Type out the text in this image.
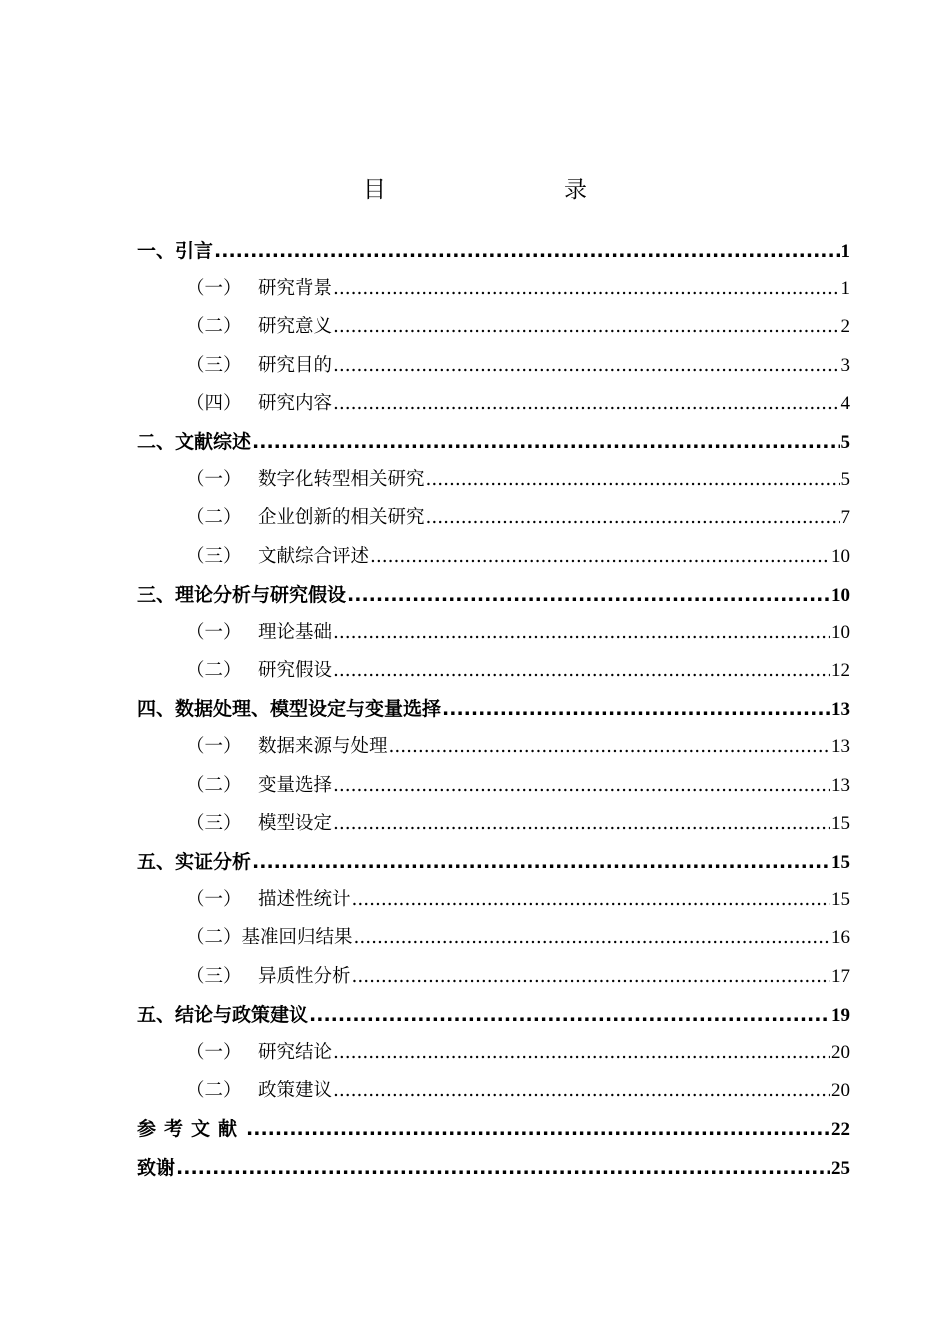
目　　录
一、引言 .....	1
（一） 研究背景 .....	1
（二） 研究意义 .....	2
（三） 研究目的 .....	3
（四） 研究内容 .....	4
二、文献综述 .....	5
（一） 数字化转型相关研究 .....	5
（二） 企业创新的相关研究 .....	7
（三） 文献综合评述 .....	10
三、理论分析与研究假设 .....	10
（一） 理论基础 .....	10
（二） 研究假设 .....	12
四、数据处理、模型设定与变量选择 .....	13
（一） 数据来源与处理 .....	13
（二） 变量选择 .....	13
（三） 模型设定 .....	15
五、实证分析 .....	15
（一） 描述性统计 .....	15
（二）基准回归结果 .....	16
（三） 异质性分析 .....	17
五、结论与政策建议 .....	19
（一） 研究结论 .....	20
（二） 政策建议 .....	20
参考文献 .....	22
致谢 .....	25
